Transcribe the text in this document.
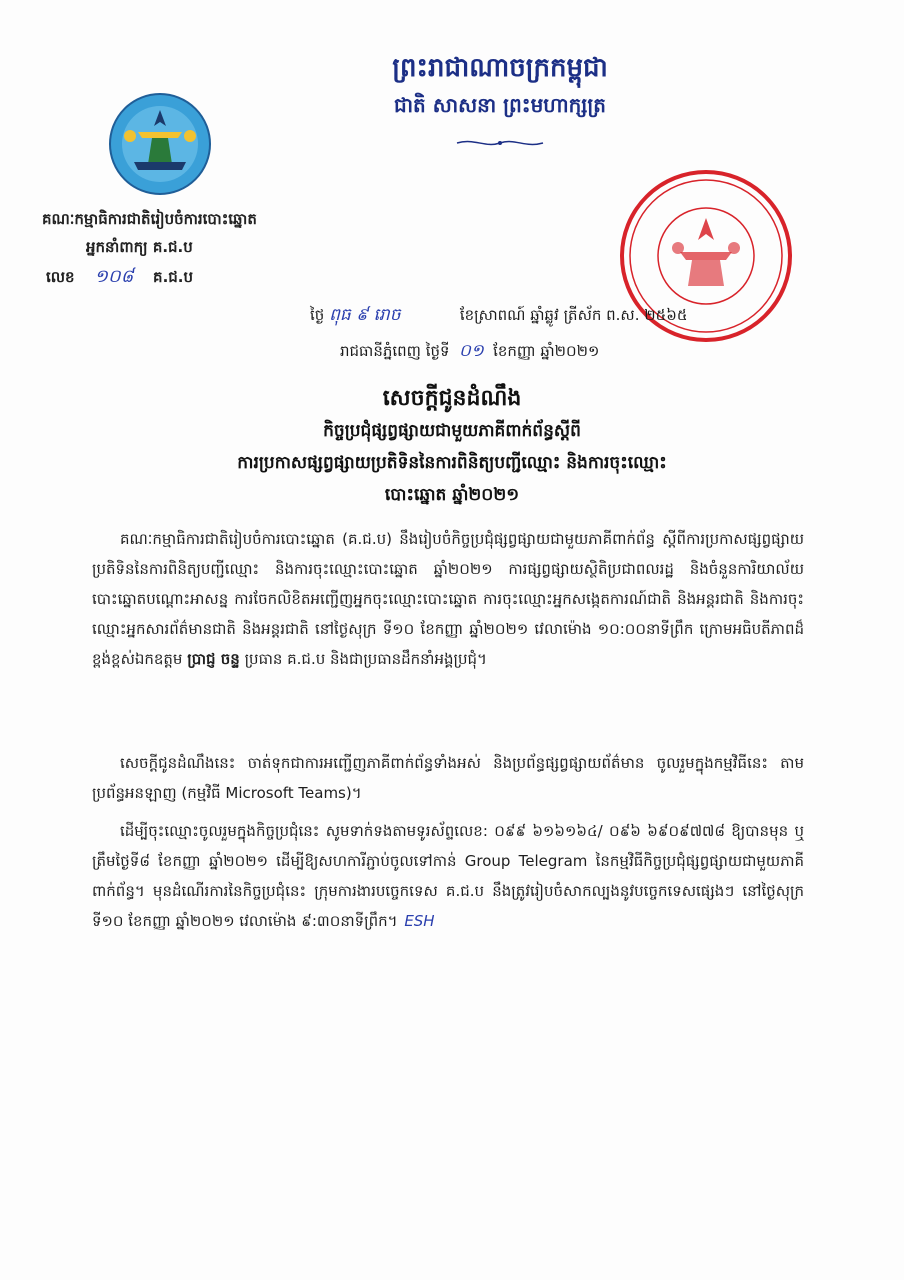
ព្រះរាជាណាចក្រកម្ពុជា
ជាតិ សាសនា ព្រះមហាក្សត្រ
គណៈកម្មាធិការជាតិរៀបចំការបោះឆ្នោត
អ្នកនាំពាក្យ គ.ជ.ប
លេខ ១០៨ គ.ជ.ប
ថ្ងៃ ពុធ ៩ រោច	ខែស្រាពណ៍ ឆ្នាំឆ្លូវ ត្រីស័ក ព.ស. ២៥៦៥
រាជធានីភ្នំពេញ ថ្ងៃទី ០១ ខែកញ្ញា ឆ្នាំ២០២១
សេចក្តីជូនដំណឹង
កិច្ចប្រជុំផ្សព្វផ្សាយជាមួយភាគីពាក់ព័ន្ធស្តីពី
ការប្រកាសផ្សព្វផ្សាយប្រតិទិននៃការពិនិត្យបញ្ជីឈ្មោះ និងការចុះឈ្មោះ
បោះឆ្នោត ឆ្នាំ២០២១
គណៈកម្មាធិការជាតិរៀបចំការបោះឆ្នោត (គ.ជ.ប) នឹងរៀបចំកិច្ចប្រជុំផ្សព្វផ្សាយជាមួយភាគីពាក់ព័ន្ធ ស្តីពីការប្រកាសផ្សព្វផ្សាយប្រតិទិននៃការពិនិត្យបញ្ជីឈ្មោះ និងការចុះឈ្មោះបោះឆ្នោត ឆ្នាំ២០២១ ការផ្សព្វផ្សាយស្ថិតិប្រជាពលរដ្ឋ និងចំនួនការិយាល័យបោះឆ្នោតបណ្ដោះអាសន្ន ការចែកលិខិតអញ្ជើញអ្នកចុះឈ្មោះបោះឆ្នោត ការចុះឈ្មោះអ្នកសង្កេតការណ៍ជាតិ និងអន្តរជាតិ និងការចុះឈ្មោះអ្នកសារព័ត៌មានជាតិ និងអន្តរជាតិ នៅថ្ងៃសុក្រ ទី១០ ខែកញ្ញា ឆ្នាំ២០២១ វេលាម៉ោង ១០:០០នាទីព្រឹក ក្រោមអធិបតីភាពដ៏ខ្ពង់ខ្ពស់ឯកឧត្តម ប្រាជ្ញ ចន្ទ ប្រធាន គ.ជ.ប និងជាប្រធានដឹកនាំអង្គប្រជុំ។
សេចក្តីជូនដំណឹងនេះ ចាត់ទុកជាការអញ្ជើញភាគីពាក់ព័ន្ធទាំងអស់ និងប្រព័ន្ធផ្សព្វផ្សាយព័ត៌មាន ចូលរួមក្នុងកម្មវិធីនេះ តាមប្រព័ន្ធអនឡាញ (កម្មវិធី Microsoft Teams)។
ដើម្បីចុះឈ្មោះចូលរួមក្នុងកិច្ចប្រជុំនេះ សូមទាក់ទងតាមទូរស័ព្ទលេខ: ០៩៩ ៦១៦១៦៤/ ០៩៦ ៦៩០៩៧៧៨ ឱ្យបានមុន ឬត្រឹមថ្ងៃទី៨ ខែកញ្ញា ឆ្នាំ២០២១ ដើម្បីឱ្យសហការីភ្ជាប់ចូលទៅកាន់ Group Telegram នៃកម្មវិធីកិច្ចប្រជុំផ្សព្វផ្សាយជាមួយភាគីពាក់ព័ន្ធ។ មុនដំណើរការនៃកិច្ចប្រជុំនេះ ក្រុមការងារបច្ចេកទេស គ.ជ.ប នឹងត្រូវរៀបចំសាកល្បងនូវបច្ចេកទេសផ្សេងៗ នៅថ្ងៃសុក្រ ទី១០ ខែកញ្ញា ឆ្នាំ២០២១ វេលាម៉ោង ៩:៣០នាទីព្រឹក។ ESH
